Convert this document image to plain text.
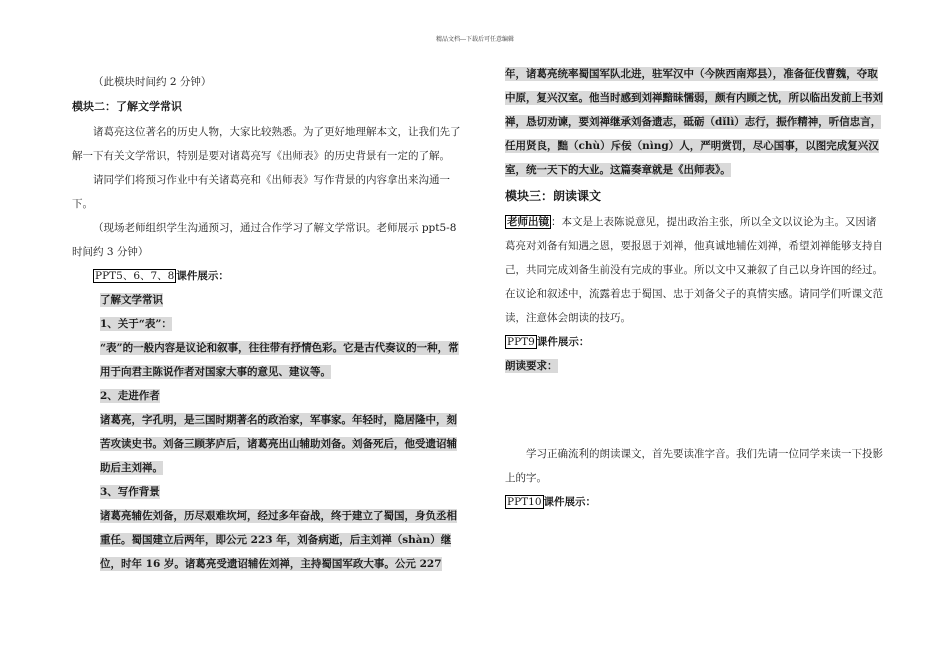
精品文档---下载后可任意编辑

（此模块时间约 2 分钟）

模块二：了解文学常识

诸葛亮这位著名的历史人物，大家比较熟悉。为了更好地理解本文，让我们先了解一下有关文学常识，特别是要对诸葛亮写《出师表》的历史背景有一定的了解。

请同学们将预习作业中有关诸葛亮和《出师表》写作背景的内容拿出来沟通一下。

（现场老师组织学生沟通预习，通过合作学习了解文学常识。老师展示 ppt5-8 时间约 3 分钟）

PPT5、6、7、8 课件展示：

了解文学常识

1、关于“表”：

“表”的一般内容是议论和叙事，往往带有抒情色彩。它是古代奏议的一种，常用于向君主陈说作者对国家大事的意见、建议等。

2、走进作者

诸葛亮，字孔明，是三国时期著名的政治家，军事家。年轻时，隐居隆中，刻苦攻读史书。刘备三顾茅庐后，诸葛亮出山辅助刘备。刘备死后，他受遗诏辅助后主刘禅。

3、写作背景

诸葛亮辅佐刘备，历尽艰难坎坷，经过多年奋战，终于建立了蜀国，身负丞相重任。蜀国建立后两年，即公元 223 年，刘备病逝，后主刘禅（shàn）继位，时年 16 岁。诸葛亮受遗诏辅佐刘禅，主持蜀国军政大事。公元 227

年，诸葛亮统率蜀国军队北进，驻军汉中（今陕西南郑县），准备征伐曹魏，夺取中原，复兴汉室。他当时感到刘禅黯昧懦弱，颇有内顾之忧，所以临出发前上书刘禅，恳切劝谏，要刘禅继承刘备遗志，砥砺（dǐlì）志行，振作精神，听信忠言，任用贤良，黜（chù）斥佞（nìng）人，严明赏罚，尽心国事，以图完成复兴汉室，统一天下的大业。这篇奏章就是《出师表》。

模块三：朗读课文

老师出镜 ：本文是上表陈说意见，提出政治主张，所以全文以议论为主。又因诸葛亮对刘备有知遇之恩，要报恩于刘禅，他真诚地辅佐刘禅，希望刘禅能够支持自己，共同完成刘备生前没有完成的事业。所以文中又兼叙了自己以身许国的经过。在议论和叙述中，流露着忠于蜀国、忠于刘备父子的真情实感。请同学们听课文范读，注意体会朗读的技巧。

PPT9 课件展示：

朗读要求：

学习正确流利的朗读课文，首先要读准字音。我们先请一位同学来读一下投影上的字。

PPT10 课件展示：
